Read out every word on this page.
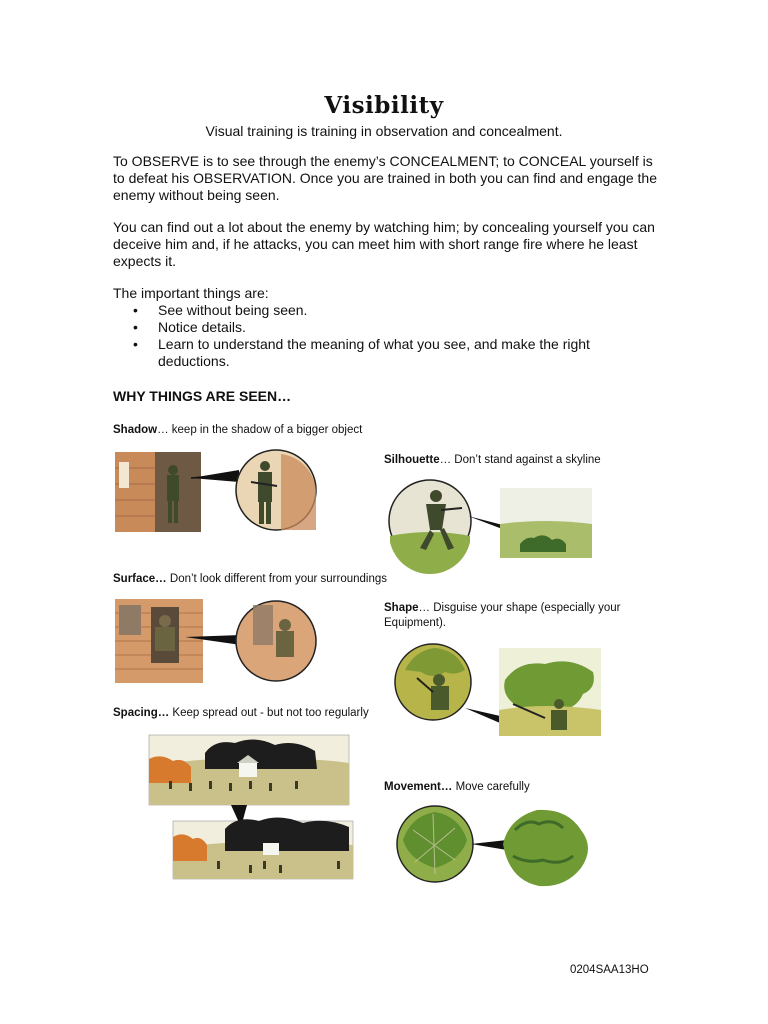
Visibility
Visual training is training in observation and concealment.
To OBSERVE is to see through the enemy’s CONCEALMENT; to CONCEAL yourself is to defeat his OBSERVATION. Once you are trained in both you can find and engage the enemy without being seen.
You can find out a lot about the enemy by watching him; by concealing yourself you can deceive him and, if he attacks, you can meet him with short range fire where he least expects it.
The important things are:
• See without being seen.
• Notice details.
• Learn to understand the meaning of what you see, and make the right deductions.
WHY THINGS ARE SEEN…
Shadow… keep in the shadow of a bigger object
Silhouette… Don’t stand against a skyline
Surface… Don’t look different from your surroundings
Shape… Disguise your shape (especially your Equipment).
Spacing… Keep spread out - but not too regularly
Movement… Move carefully
0204SAA13HO
